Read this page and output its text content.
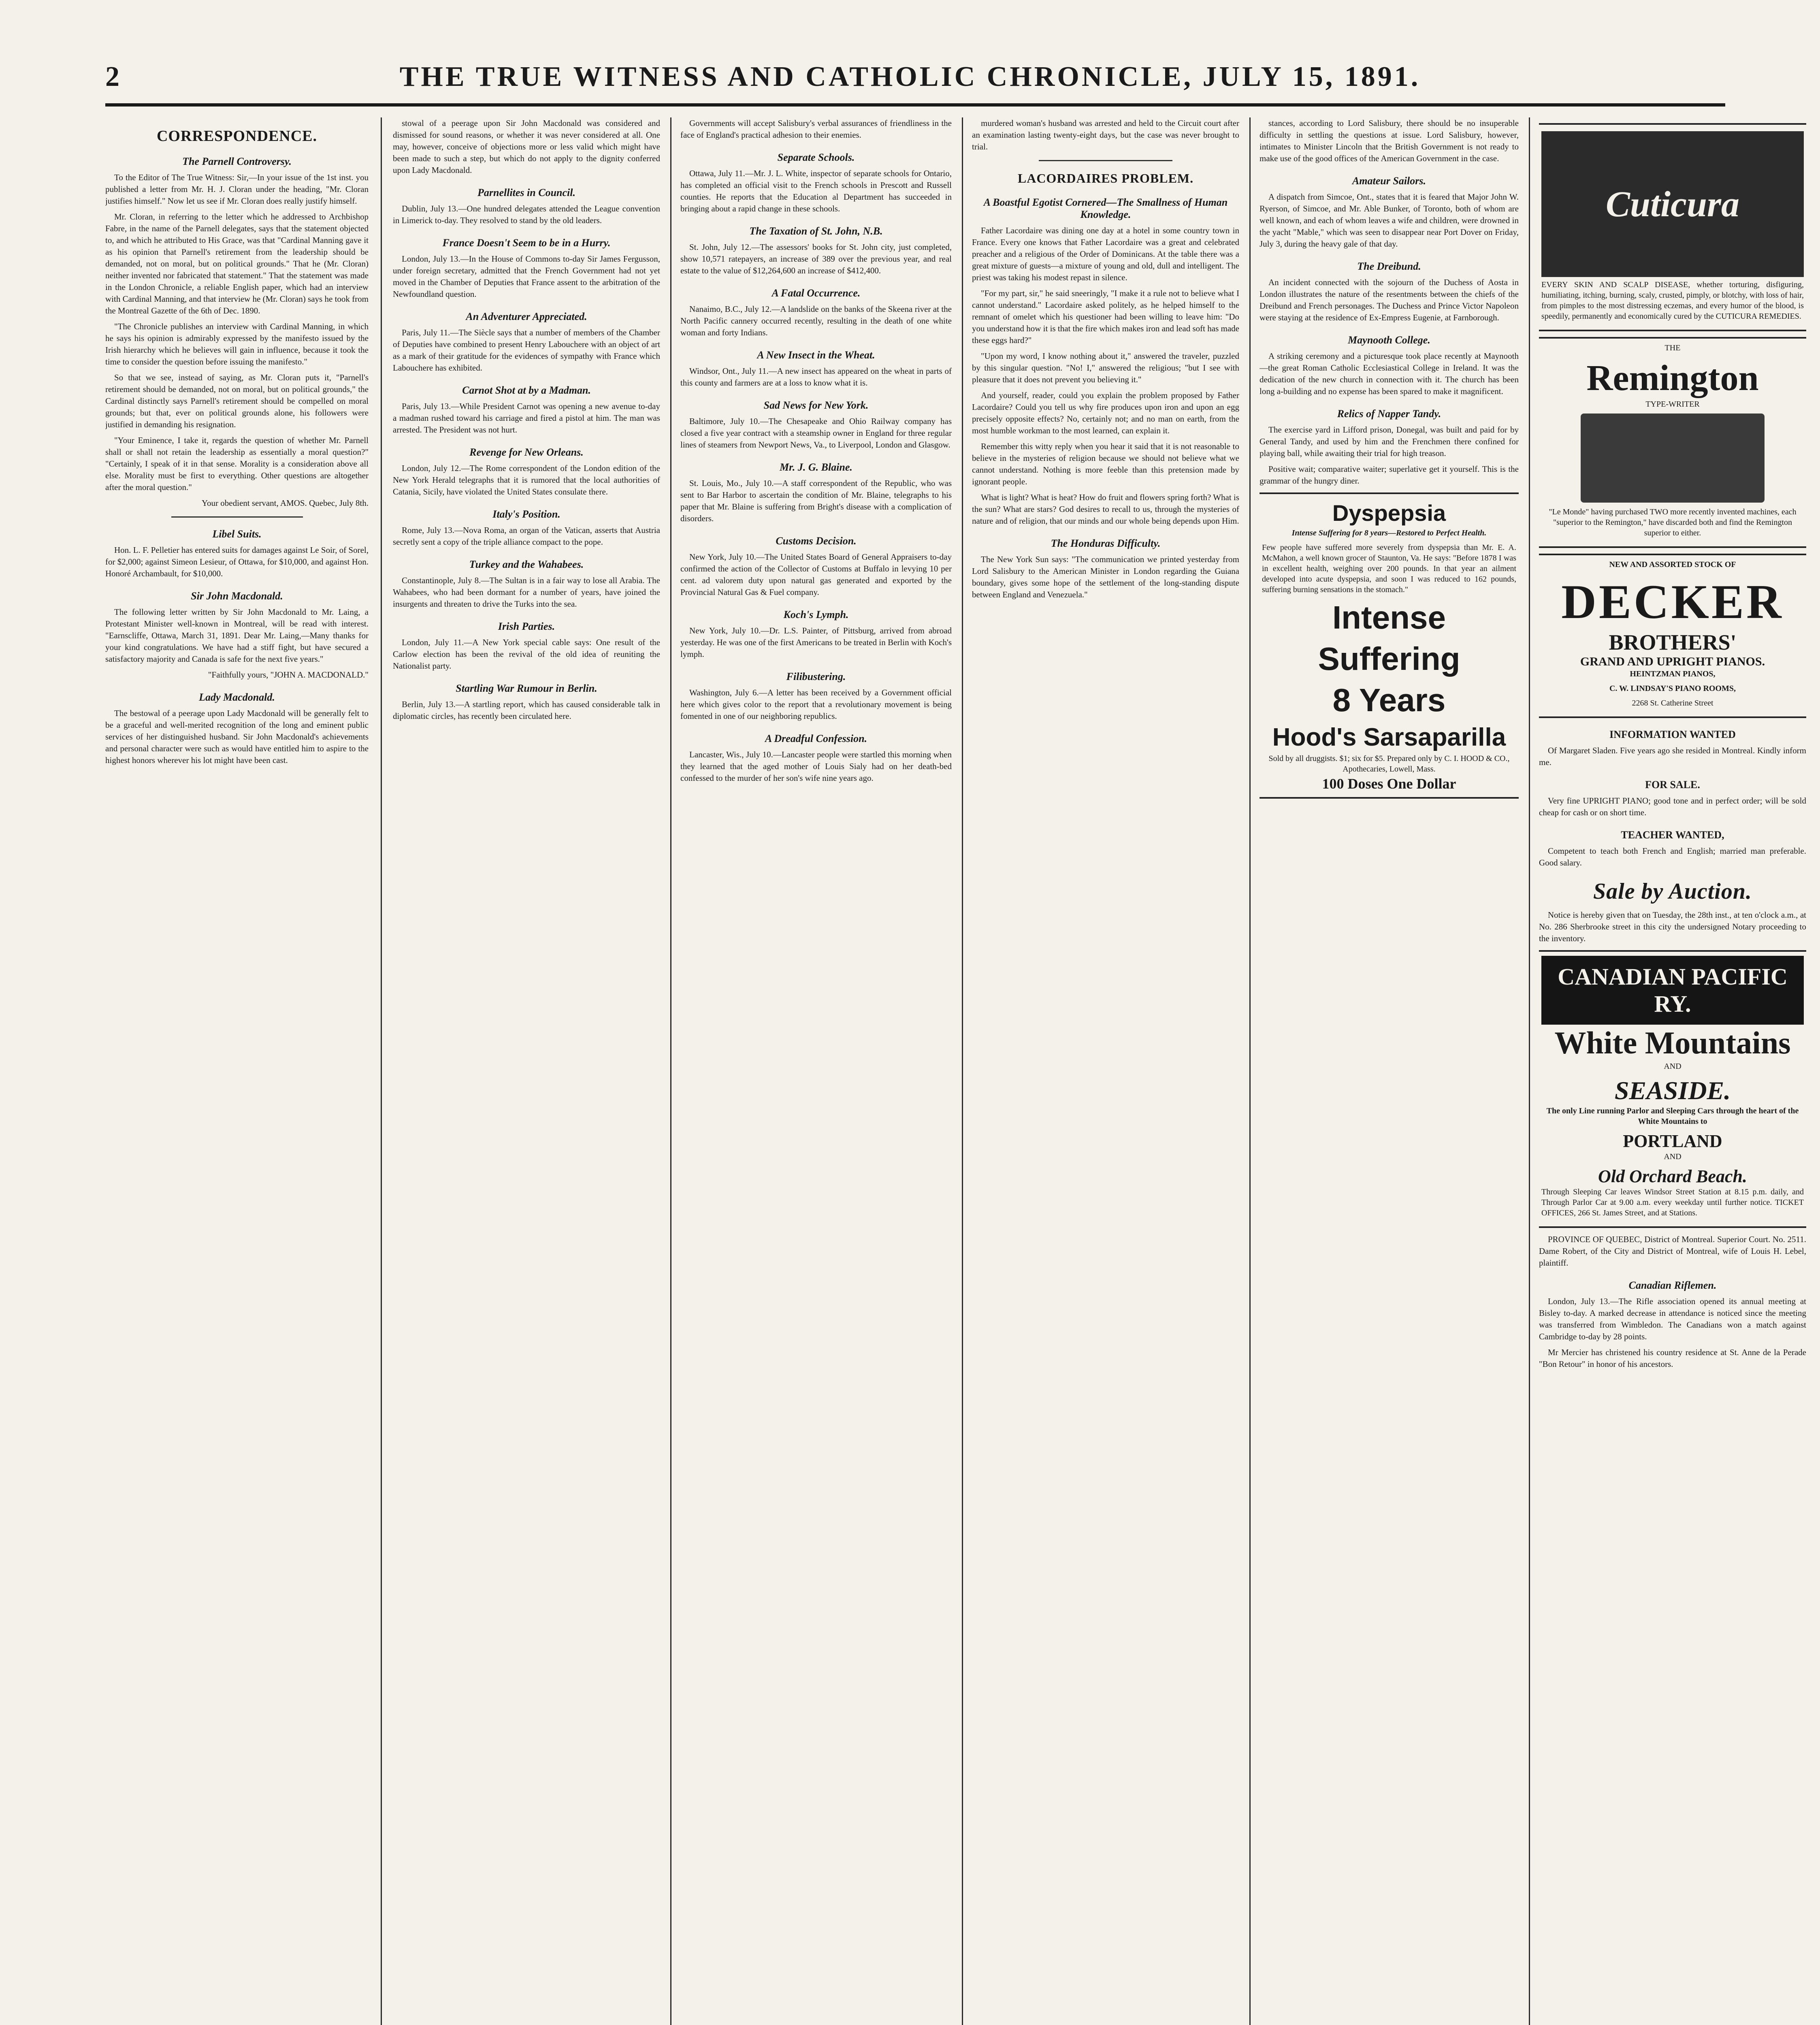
2	THE TRUE WITNESS AND CATHOLIC CHRONICLE, JULY 15, 1891.
CORRESPONDENCE.
The Parnell Controversy.

To the Editor of The True Witness: Sir,—In your issue of the 1st inst. you published a letter from Mr. H. J. Cloran under the heading, "Mr. Cloran justifies himself." Now let us see if Mr. Cloran does really justify himself.

Mr. Cloran, in referring to the letter which he addressed to Archbishop Fabre, in the name of the Parnell delegates, says that the statement objected to, and which he attributed to His Grace, was that "Cardinal Manning gave it as his opinion that Parnell's retirement from the leadership should be demanded, not on moral, but on political grounds." That he (Mr. Cloran) neither invented nor fabricated that statement." That the statement was made in the London Chronicle, a reliable English paper, which had an interview with Cardinal Manning, and that interview he (Mr. Cloran) says he took from the Montreal Gazette of the 6th of Dec. 1890.

"The Chronicle publishes an interview with Cardinal Manning, in which he says his opinion is admirably expressed by the manifesto issued by the Irish hierarchy which he believes will gain in influence, because it took the time to consider the question before issuing the manifesto."

So that we see, instead of saying, as Mr. Cloran puts it, "Parnell's retirement should be demanded, not on moral, but on political grounds," the Cardinal distinctly says Parnell's retirement should be compelled on moral grounds; but that, ever on political grounds alone, his followers were justified in demanding his resignation.

"Your Eminence, I take it, regards the question of whether Mr. Parnell shall or shall not retain the leadership as essentially a moral question?" "Certainly, I speak of it in that sense. Morality is a consideration above all else. Morality must be first to everything. Other questions are altogether after the moral question."

Your obedient servant, AMOS. Quebec, July 8th.

Libel Suits.

Hon. L. F. Pelletier has entered suits for damages against Le Soir, of Sorel, for $2,000; against Simeon Lesieur, of Ottawa, for $10,000, and against Hon. Honoré Archambault, for $10,000.

Sir John Macdonald.

The following letter written by Sir John Macdonald to Mr. Laing, a Protestant Minister well-known in Montreal, will be read with interest. "Earnscliffe, Ottawa, March 31, 1891. Dear Mr. Laing,—Many thanks for your kind congratulations. We have had a stiff fight, but have secured a satisfactory majority and Canada is safe for the next five years."

"Faithfully yours, "JOHN A. MACDONALD."

Lady Macdonald.

The bestowal of a peerage upon Lady Macdonald will be generally felt to be a graceful and well-merited recognition of the long and eminent public services of her distinguished husband. Sir John Macdonald's achievements and personal character were such as would have entitled him to aspire to the highest honors wherever his lot might have been cast.

stowal of a peerage upon Sir John Macdonald was considered and dismissed for sound reasons, or whether it was never considered at all. One may, however, conceive of objections more or less valid which might have been made to such a step, but which do not apply to the dignity conferred upon Lady Macdonald.

Parnellites in Council.

Dublin, July 13.—One hundred delegates attended the League convention in Limerick to-day. They resolved to stand by the old leaders.

France Doesn't Seem to be in a Hurry.

London, July 13.—In the House of Commons to-day Sir James Fergusson, under foreign secretary, admitted that the French Government had not yet moved in the Chamber of Deputies that France assent to the arbitration of the Newfoundland question.

An Adventurer Appreciated.

Paris, July 11.—The Siècle says that a number of members of the Chamber of Deputies have combined to present Henry Labouchere with an object of art as a mark of their gratitude for the evidences of sympathy with France which Labouchere has exhibited.

Carnot Shot at by a Madman.

Paris, July 13.—While President Carnot was opening a new avenue to-day a madman rushed toward his carriage and fired a pistol at him. The man was arrested. The President was not hurt.

Revenge for New Orleans.

London, July 12.—The Rome correspondent of the London edition of the New York Herald telegraphs that it is rumored that the local authorities of Catania, Sicily, have violated the United States consulate there.

Italy's Position.

Rome, July 13.—Nova Roma, an organ of the Vatican, asserts that Austria secretly sent a copy of the triple alliance compact to the pope.

Turkey and the Wahabees.

Constantinople, July 8.—The Sultan is in a fair way to lose all Arabia. The Wahabees, who had been dormant for a number of years, have joined the insurgents and threaten to drive the Turks into the sea.

Irish Parties.

London, July 11.—A New York special cable says: One result of the Carlow election has been the revival of the old idea of reuniting the Nationalist party.

Startling War Rumour in Berlin.

Berlin, July 13.—A startling report, which has caused considerable talk in diplomatic circles, has recently been circulated here.

Governments will accept Salisbury's verbal assurances of friendliness in the face of England's practical adhesion to their enemies.

Separate Schools.

Ottawa, July 11.—Mr. J. L. White, inspector of separate schools for Ontario, has completed an official visit to the French schools in Prescott and Russell counties. He reports that the Education al Department has succeeded in bringing about a rapid change in these schools.

The Taxation of St. John, N.B.

St. John, July 12.—The assessors' books for St. John city, just completed, show 10,571 ratepayers, an increase of 389 over the previous year, and real estate to the value of $12,264,600 an increase of $412,400.

A Fatal Occurrence.

Nanaimo, B.C., July 12.—A landslide on the banks of the Skeena river at the North Pacific cannery occurred recently, resulting in the death of one white woman and forty Indians.

A New Insect in the Wheat.

Windsor, Ont., July 11.—A new insect has appeared on the wheat in parts of this county and farmers are at a loss to know what it is.

Sad News for New York.

Baltimore, July 10.—The Chesapeake and Ohio Railway company has closed a five year contract with a steamship owner in England for three regular lines of steamers from Newport News, Va., to Liverpool, London and Glasgow.

Mr. J. G. Blaine.

St. Louis, Mo., July 10.—A staff correspondent of the Republic, who was sent to Bar Harbor to ascertain the condition of Mr. Blaine, telegraphs to his paper that Mr. Blaine is suffering from Bright's disease with a complication of disorders.

Customs Decision.

New York, July 10.—The United States Board of General Appraisers to-day confirmed the action of the Collector of Customs at Buffalo in levying 10 per cent. ad valorem duty upon natural gas generated and exported by the Provincial Natural Gas & Fuel company.

Koch's Lymph.

New York, July 10.—Dr. L.S. Painter, of Pittsburg, arrived from abroad yesterday. He was one of the first Americans to be treated in Berlin with Koch's lymph.

Filibustering.

Washington, July 6.—A letter has been received by a Government official here which gives color to the report that a revolutionary movement is being fomented in one of our neighboring republics.

A Dreadful Confession.

Lancaster, Wis., July 10.—Lancaster people were startled this morning when they learned that the aged mother of Louis Sialy had on her death-bed confessed to the murder of her son's wife nine years ago.

murdered woman's husband was arrested and held to the Circuit court after an examination lasting twenty-eight days, but the case was never brought to trial.

LACORDAIRES PROBLEM.
A Boastful Egotist Cornered—The Smallness of Human Knowledge.

Father Lacordaire was dining one day at a hotel in some country town in France. Every one knows that Father Lacordaire was a great and celebrated preacher and a religious of the Order of Dominicans. At the table there was a great mixture of guests—a mixture of young and old, dull and intelligent. The priest was taking his modest repast in silence.

"For my part, sir," he said sneeringly, "I make it a rule not to believe what I cannot understand." Lacordaire asked politely, as he helped himself to the remnant of omelet which his questioner had been willing to leave him: "Do you understand how it is that the fire which makes iron and lead soft has made these eggs hard?"

"Upon my word, I know nothing about it," answered the traveler, puzzled by this singular question. "No! I," answered the religious; "but I see with pleasure that it does not prevent you believing it."

And yourself, reader, could you explain the problem proposed by Father Lacordaire? Could you tell us why fire produces upon iron and upon an egg precisely opposite effects? No, certainly not; and no man on earth, from the most humble workman to the most learned, can explain it.

Remember this witty reply when you hear it said that it is not reasonable to believe in the mysteries of religion because we should not believe what we cannot understand. Nothing is more feeble than this pretension made by ignorant people.

What is light? What is heat? How do fruit and flowers spring forth? What is the sun? What are stars? God desires to recall to us, through the mysteries of nature and of religion, that our minds and our whole being depends upon Him.

The Honduras Difficulty.

The New York Sun says: "The communication we printed yesterday from Lord Salisbury to the American Minister in London regarding the Guiana boundary, gives some hope of the settlement of the long-standing dispute between England and Venezuela."

stances, according to Lord Salisbury, there should be no insuperable difficulty in settling the questions at issue. Lord Salisbury, however, intimates to Minister Lincoln that the British Government is not ready to make use of the good offices of the American Government in the case.

Amateur Sailors.

A dispatch from Simcoe, Ont., states that it is feared that Major John W. Ryerson, of Simcoe, and Mr. Able Bunker, of Toronto, both of whom are well known, and each of whom leaves a wife and children, were drowned in the yacht "Mable," which was seen to disappear near Port Dover on Friday, July 3, during the heavy gale of that day.

The Dreibund.

An incident connected with the sojourn of the Duchess of Aosta in London illustrates the nature of the resentments between the chiefs of the Dreibund and French personages. The Duchess and Prince Victor Napoleon were staying at the residence of Ex-Empress Eugenie, at Farnborough.

Maynooth College.

A striking ceremony and a picturesque took place recently at Maynooth—the great Roman Catholic Ecclesiastical College in Ireland. It was the dedication of the new church in connection with it. The church has been long a-building and no expense has been spared to make it magnificent.

Relics of Napper Tandy.

The exercise yard in Lifford prison, Donegal, was built and paid for by General Tandy, and used by him and the Frenchmen there confined for playing ball, while awaiting their trial for high treason.

Positive wait; comparative waiter; superlative get it yourself. This is the grammar of the hungry diner.

Dyspepsia

Intense Suffering for 8 years—Restored to Perfect Health.

Few people have suffered more severely from dyspepsia than Mr. E. A. McMahon, a well known grocer of Staunton, Va. He says: "Before 1878 I was in excellent health, weighing over 200 pounds. In that year an ailment developed into acute dyspepsia, and soon I was reduced to 162 pounds, suffering burning sensations in the stomach."

Intense
Suffering
8 Years
Hood's Sarsaparilla

Sold by all druggists. $1; six for $5. Prepared only by C. I. HOOD & CO., Apothecaries, Lowell, Mass.

100 Doses One Dollar

Cuticura

EVERY SKIN AND SCALP DISEASE, whether torturing, disfiguring, humiliating, itching, burning, scaly, crusted, pimply, or blotchy, with loss of hair, from pimples to the most distressing eczemas, and every humor of the blood, is speedily, permanently and economically cured by the CUTICURA REMEDIES.

THE

Remington

TYPE-WRITER

"Le Monde" having purchased TWO more recently invented machines, each "superior to the Remington," have discarded both and find the Remington superior to either.

NEW AND ASSORTED STOCK OF

DECKER
BROTHERS'
GRAND AND UPRIGHT PIANOS.

HEINTZMAN PIANOS,

C. W. LINDSAY'S PIANO ROOMS,

2268 St. Catherine Street

INFORMATION WANTED

Of Margaret Sladen. Five years ago she resided in Montreal. Kindly inform me.

FOR SALE.

Very fine UPRIGHT PIANO; good tone and in perfect order; will be sold cheap for cash or on short time.

TEACHER WANTED,

Competent to teach both French and English; married man preferable. Good salary.

Sale by Auction.

Notice is hereby given that on Tuesday, the 28th inst., at ten o'clock a.m., at No. 286 Sherbrooke street in this city the undersigned Notary proceeding to the inventory.

CANADIAN PACIFIC RY.
White Mountains

AND

SEASIDE.

The only Line running Parlor and Sleeping Cars through the heart of the White Mountains to

PORTLAND

AND

Old Orchard Beach.

Through Sleeping Car leaves Windsor Street Station at 8.15 p.m. daily, and Through Parlor Car at 9.00 a.m. every weekday until further notice. TICKET OFFICES, 266 St. James Street, and at Stations.

PROVINCE OF QUEBEC, District of Montreal. Superior Court. No. 2511. Dame Robert, of the City and District of Montreal, wife of Louis H. Lebel, plaintiff.

Canadian Riflemen.

London, July 13.—The Rifle association opened its annual meeting at Bisley to-day. A marked decrease in attendance is noticed since the meeting was transferred from Wimbledon. The Canadians won a match against Cambridge to-day by 28 points.

Mr Mercier has christened his country residence at St. Anne de la Perade "Bon Retour" in honor of his ancestors.
